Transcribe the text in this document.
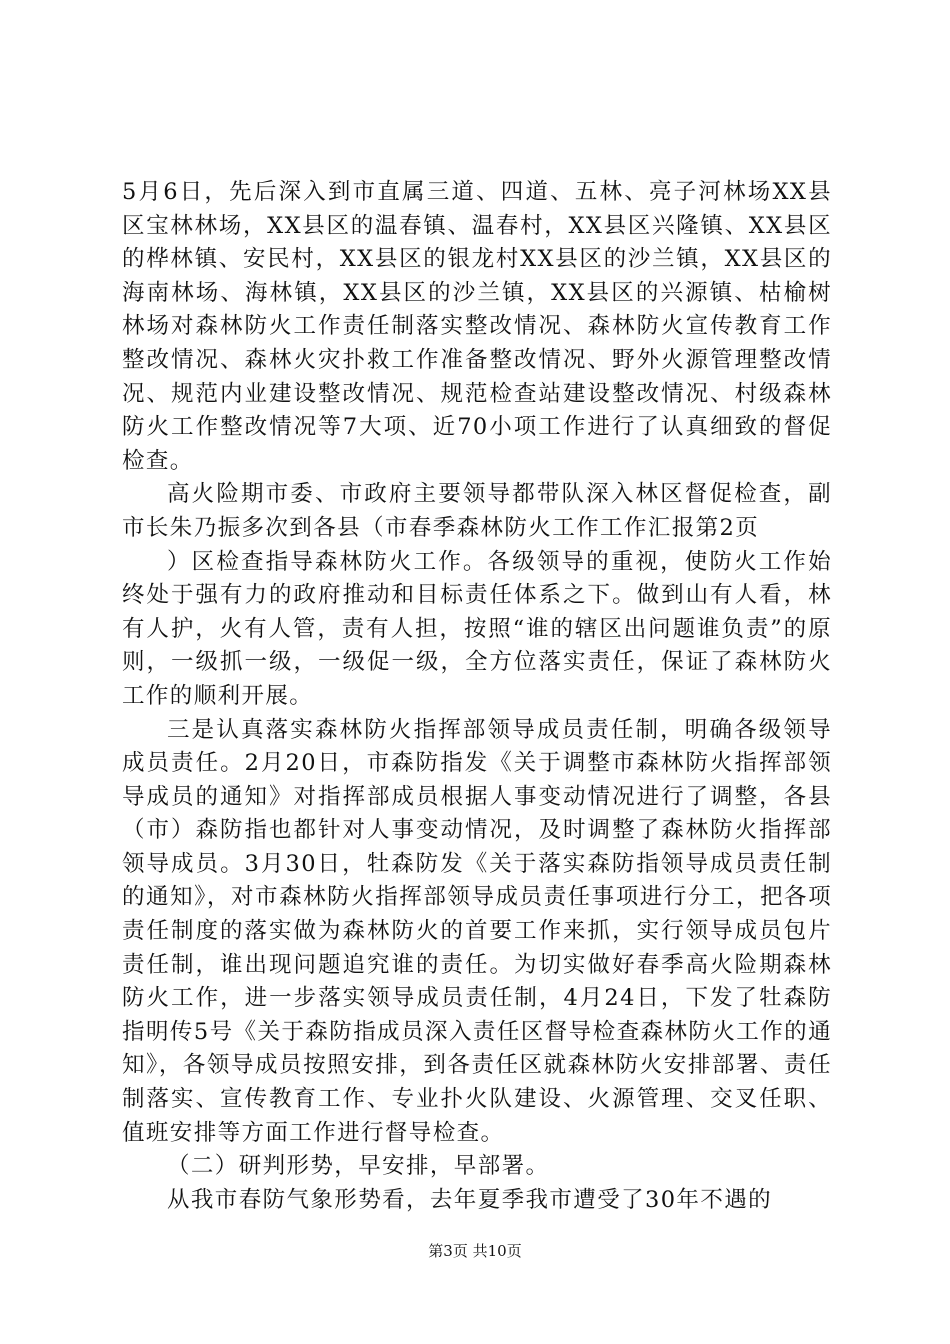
5月6日，先后深入到市直属三道、四道、五林、亮子河林场XX县区宝林林场，XX县区的温春镇、温春村，XX县区兴隆镇、XX县区的桦林镇、安民村，XX县区的银龙村XX县区的沙兰镇，XX县区的海南林场、海林镇，XX县区的沙兰镇，XX县区的兴源镇、枯榆树林场对森林防火工作责任制落实整改情况、森林防火宣传教育工作整改情况、森林火灾扑救工作准备整改情况、野外火源管理整改情况、规范内业建设整改情况、规范检查站建设整改情况、村级森林防火工作整改情况等7大项、近70小项工作进行了认真细致的督促检查。

高火险期市委、市政府主要领导都带队深入林区督促检查，副市长朱乃振多次到各县（市春季森林防火工作工作汇报第2页

）区检查指导森林防火工作。各级领导的重视，使防火工作始终处于强有力的政府推动和目标责任体系之下。做到山有人看，林有人护，火有人管，责有人担，按照“谁的辖区出问题谁负责”的原则，一级抓一级，一级促一级，全方位落实责任，保证了森林防火工作的顺利开展。

三是认真落实森林防火指挥部领导成员责任制，明确各级领导成员责任。2月20日，市森防指发《关于调整市森林防火指挥部领导成员的通知》对指挥部成员根据人事变动情况进行了调整，各县（市）森防指也都针对人事变动情况，及时调整了森林防火指挥部领导成员。3月30日，牡森防发《关于落实森防指领导成员责任制的通知》，对市森林防火指挥部领导成员责任事项进行分工，把各项责任制度的落实做为森林防火的首要工作来抓，实行领导成员包片责任制，谁出现问题追究谁的责任。为切实做好春季高火险期森林防火工作，进一步落实领导成员责任制，4月24日，下发了牡森防指明传5号《关于森防指成员深入责任区督导检查森林防火工作的通知》，各领导成员按照安排，到各责任区就森林防火安排部署、责任制落实、宣传教育工作、专业扑火队建设、火源管理、交叉任职、值班安排等方面工作进行督导检查。

（二）研判形势，早安排，早部署。

从我市春防气象形势看，去年夏季我市遭受了30年不遇的

第3页 共10页
